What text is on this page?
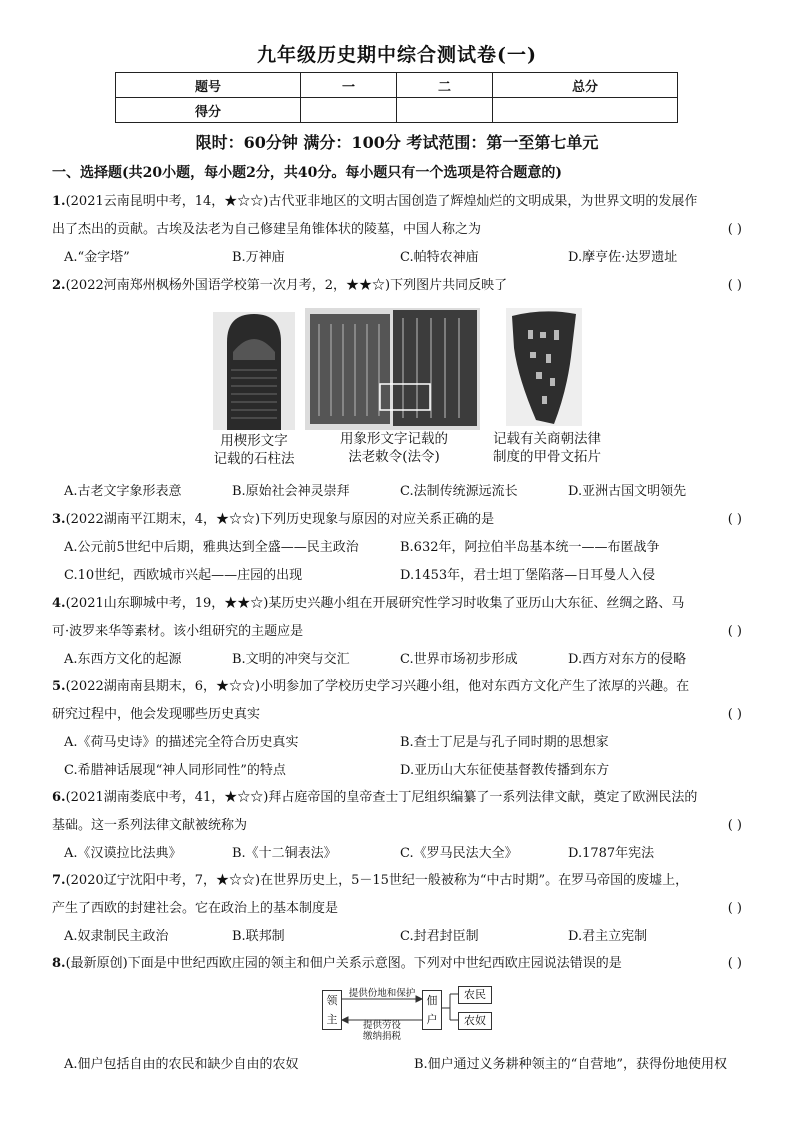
九年级历史期中综合测试卷(一)
题号	一	二	总分
得分			
限时：60分钟 满分：100分 考试范围：第一至第七单元
一、选择题(共20小题，每小题2分，共40分。每小题只有一个选项是符合题意的)
1.(2021云南昆明中考，14，★☆☆)古代亚非地区的文明古国创造了辉煌灿烂的文明成果，为世界文明的发展作
出了杰出的贡献。古埃及法老为自己修建呈角锥体状的陵墓，中国人称之为	( )
A.“金字塔”	B.万神庙	C.帕特农神庙	D.摩亨佐·达罗遗址
2.(2022河南郑州枫杨外国语学校第一次月考，2，★★☆)下列图片共同反映了	( )
用楔形文字
记载的石柱法
用象形文字记载的
法老敕令(法令)
记载有关商朝法律
制度的甲骨文拓片
A.古老文字象形表意	B.原始社会神灵崇拜	C.法制传统源远流长	D.亚洲古国文明领先
3.(2022湖南平江期末，4，★☆☆)下列历史现象与原因的对应关系正确的是	( )
A.公元前5世纪中后期，雅典达到全盛——民主政治	B.632年，阿拉伯半岛基本统一——布匿战争
C.10世纪，西欧城市兴起——庄园的出现	D.1453年，君士坦丁堡陷落—日耳曼人入侵
4.(2021山东聊城中考，19，★★☆)某历史兴趣小组在开展研究性学习时收集了亚历山大东征、丝绸之路、马
可·波罗来华等素材。该小组研究的主题应是	( )
A.东西方文化的起源	B.文明的冲突与交汇	C.世界市场初步形成	D.西方对东方的侵略
5.(2022湖南南县期末，6，★☆☆)小明参加了学校历史学习兴趣小组，他对东西方文化产生了浓厚的兴趣。在
研究过程中，他会发现哪些历史真实	( )
A.《荷马史诗》的描述完全符合历史真实	B.查士丁尼是与孔子同时期的思想家
C.希腊神话展现“神人同形同性”的特点	D.亚历山大东征使基督教传播到东方
6.(2021湖南娄底中考，41，★☆☆)拜占庭帝国的皇帝查士丁尼组织编纂了一系列法律文献，奠定了欧洲民法的
基础。这一系列法律文献被统称为	( )
A.《汉谟拉比法典》	B.《十二铜表法》	C.《罗马民法大全》	D.1787年宪法
7.(2020辽宁沈阳中考，7，★☆☆)在世界历史上，5－15世纪一般被称为“中古时期”。在罗马帝国的废墟上，
产生了西欧的封建社会。它在政治上的基本制度是	( )
A.奴隶制民主政治	B.联邦制	C.封君封臣制	D.君主立宪制
8.(最新原创)下面是中世纪西欧庄园的领主和佃户关系示意图。下列对中世纪西欧庄园说法错误的是	( )
领主
佃户
农民
农奴
提供份地和保护
提供劳役
缴纳捐税
A.佃户包括自由的农民和缺少自由的农奴	B.佃户通过义务耕种领主的“自营地”，获得份地使用权
